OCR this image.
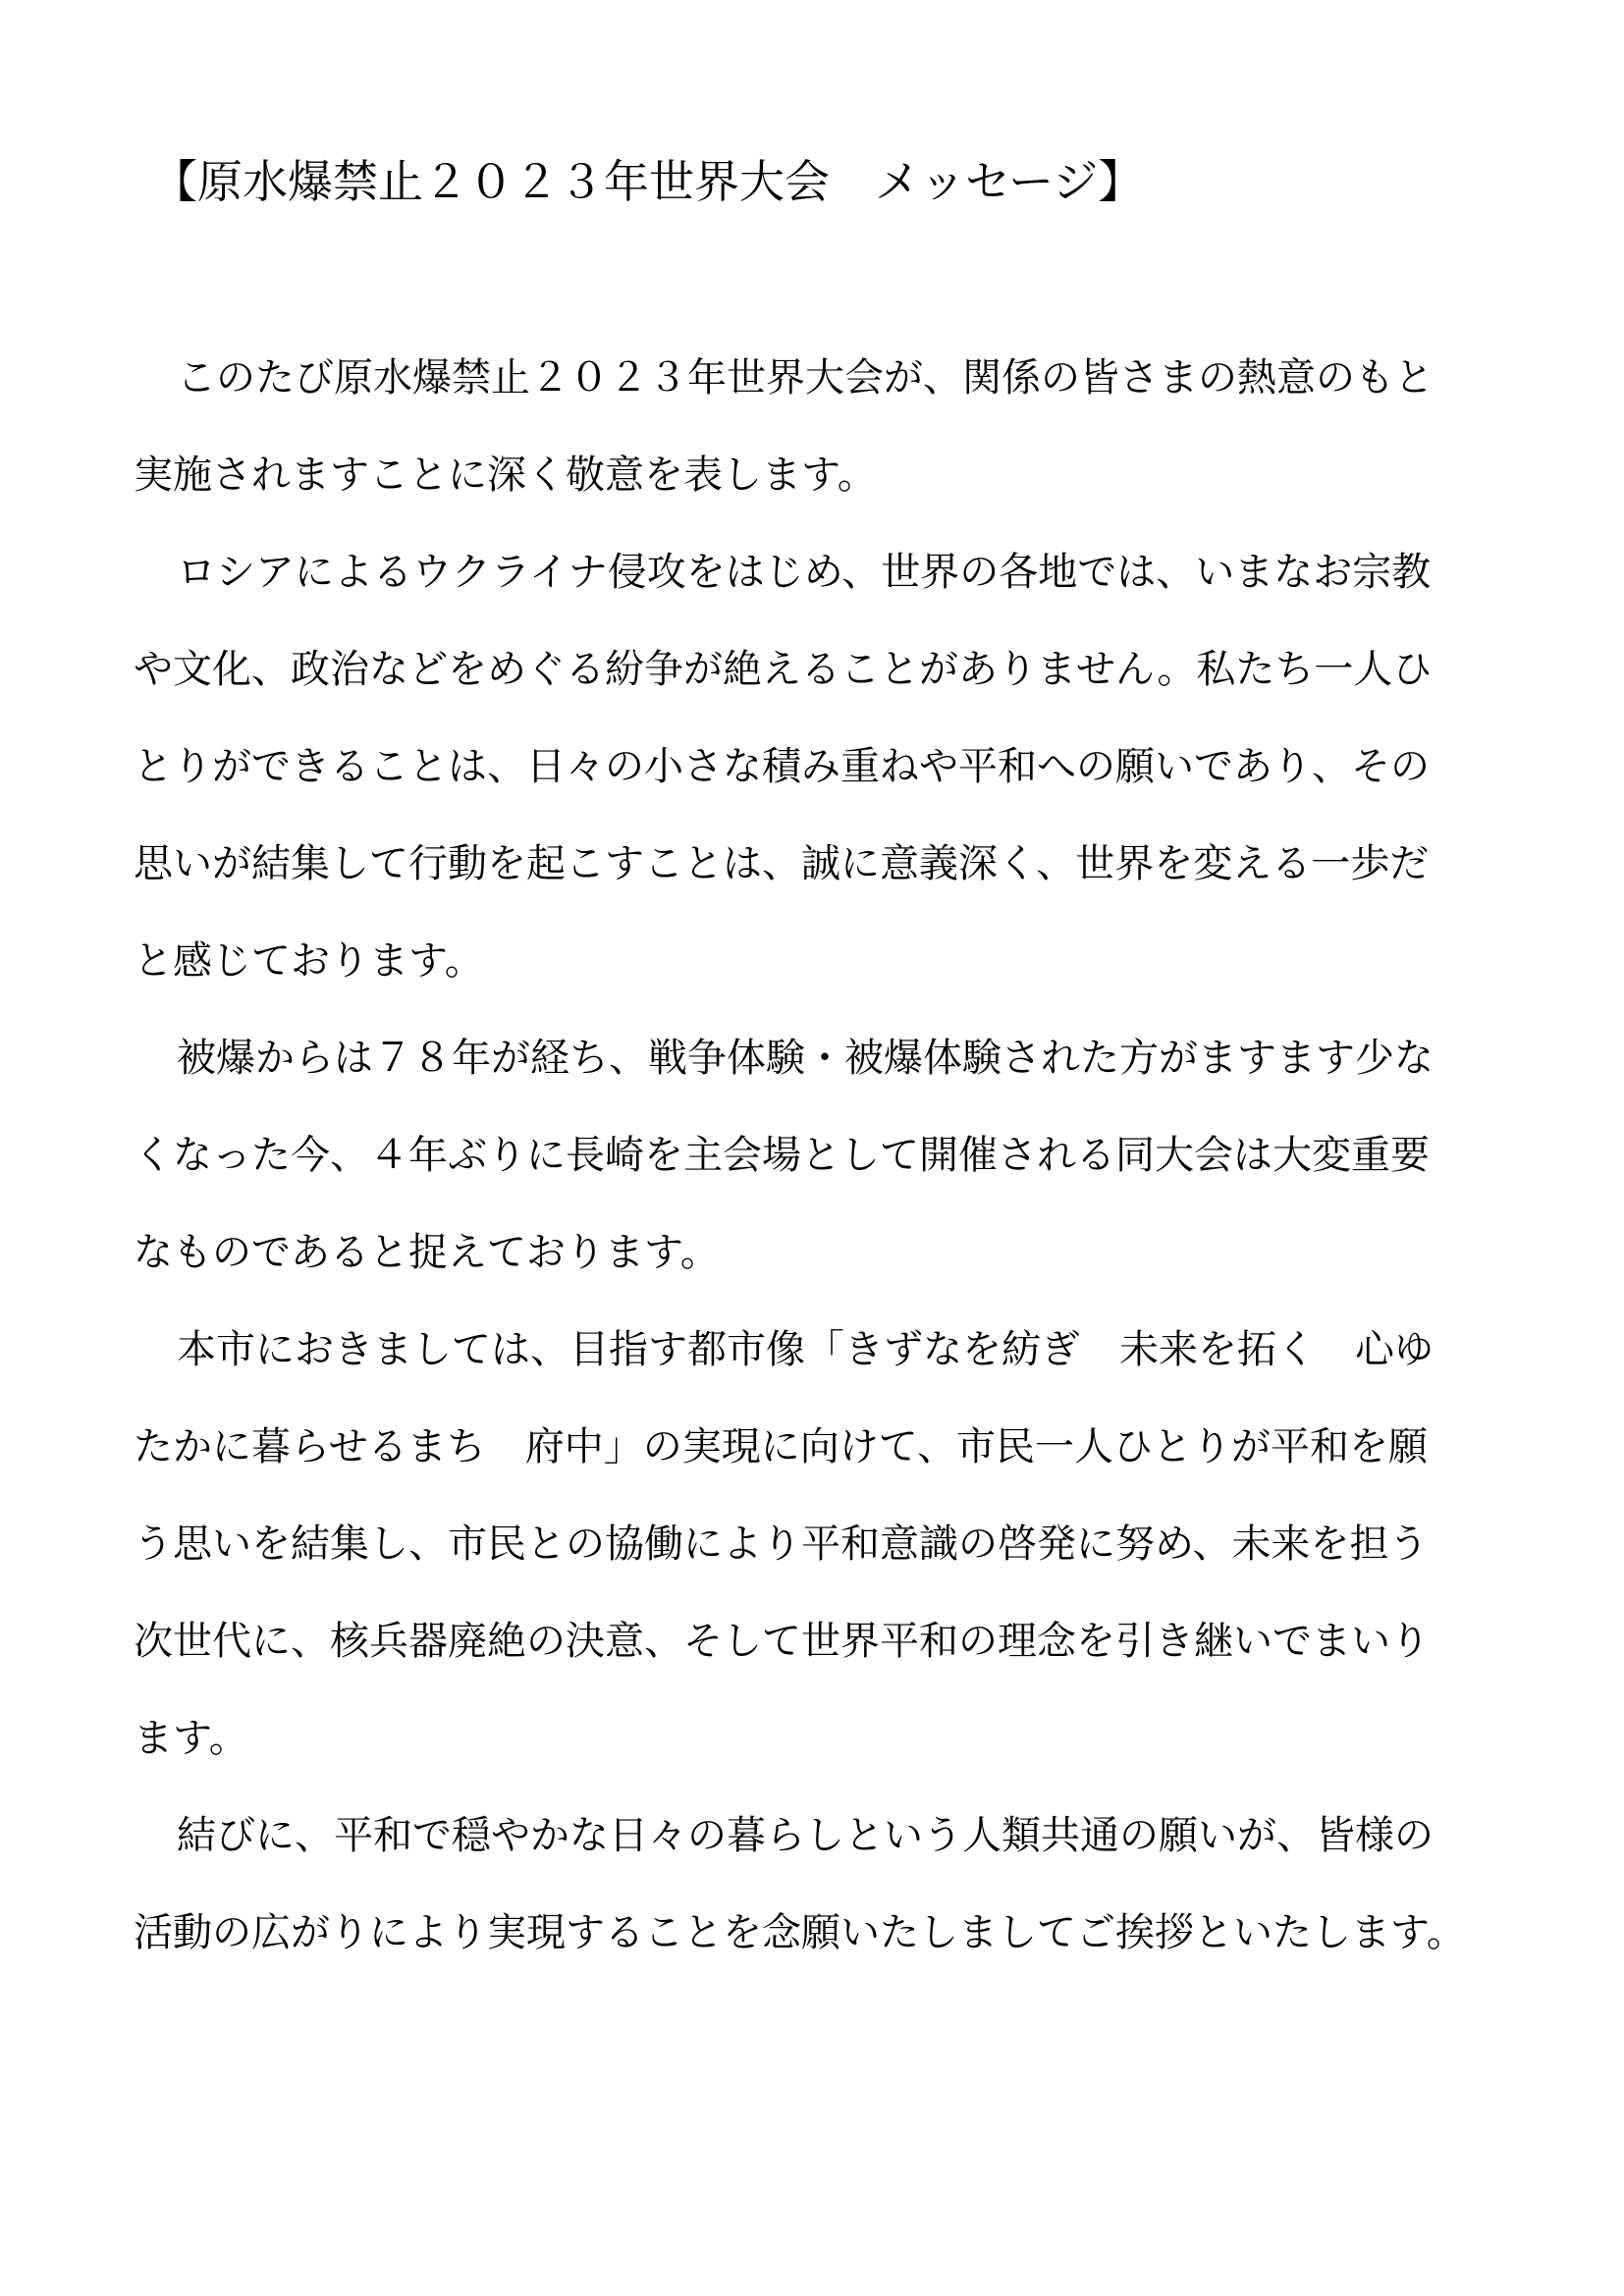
【原水爆禁止２０２３年世界大会　メッセージ】
このたび原水爆禁止２０２３年世界大会が、関係の皆さまの熱意のもと
実施されますことに深く敬意を表します。
ロシアによるウクライナ侵攻をはじめ、世界の各地では、いまなお宗教
や文化、政治などをめぐる紛争が絶えることがありません。私たち一人ひ
とりができることは、日々の小さな積み重ねや平和への願いであり、その
思いが結集して行動を起こすことは、誠に意義深く、世界を変える一歩だ
と感じております。
被爆からは７８年が経ち、戦争体験・被爆体験された方がますます少な
くなった今、４年ぶりに長崎を主会場として開催される同大会は大変重要
なものであると捉えております。
本市におきましては、目指す都市像「きずなを紡ぎ　未来を拓く　心ゆ
たかに暮らせるまち　府中」の実現に向けて、市民一人ひとりが平和を願
う思いを結集し、市民との協働により平和意識の啓発に努め、未来を担う
次世代に、核兵器廃絶の決意、そして世界平和の理念を引き継いでまいり
ます。
結びに、平和で穏やかな日々の暮らしという人類共通の願いが、皆様の
活動の広がりにより実現することを念願いたしましてご挨拶といたします。
